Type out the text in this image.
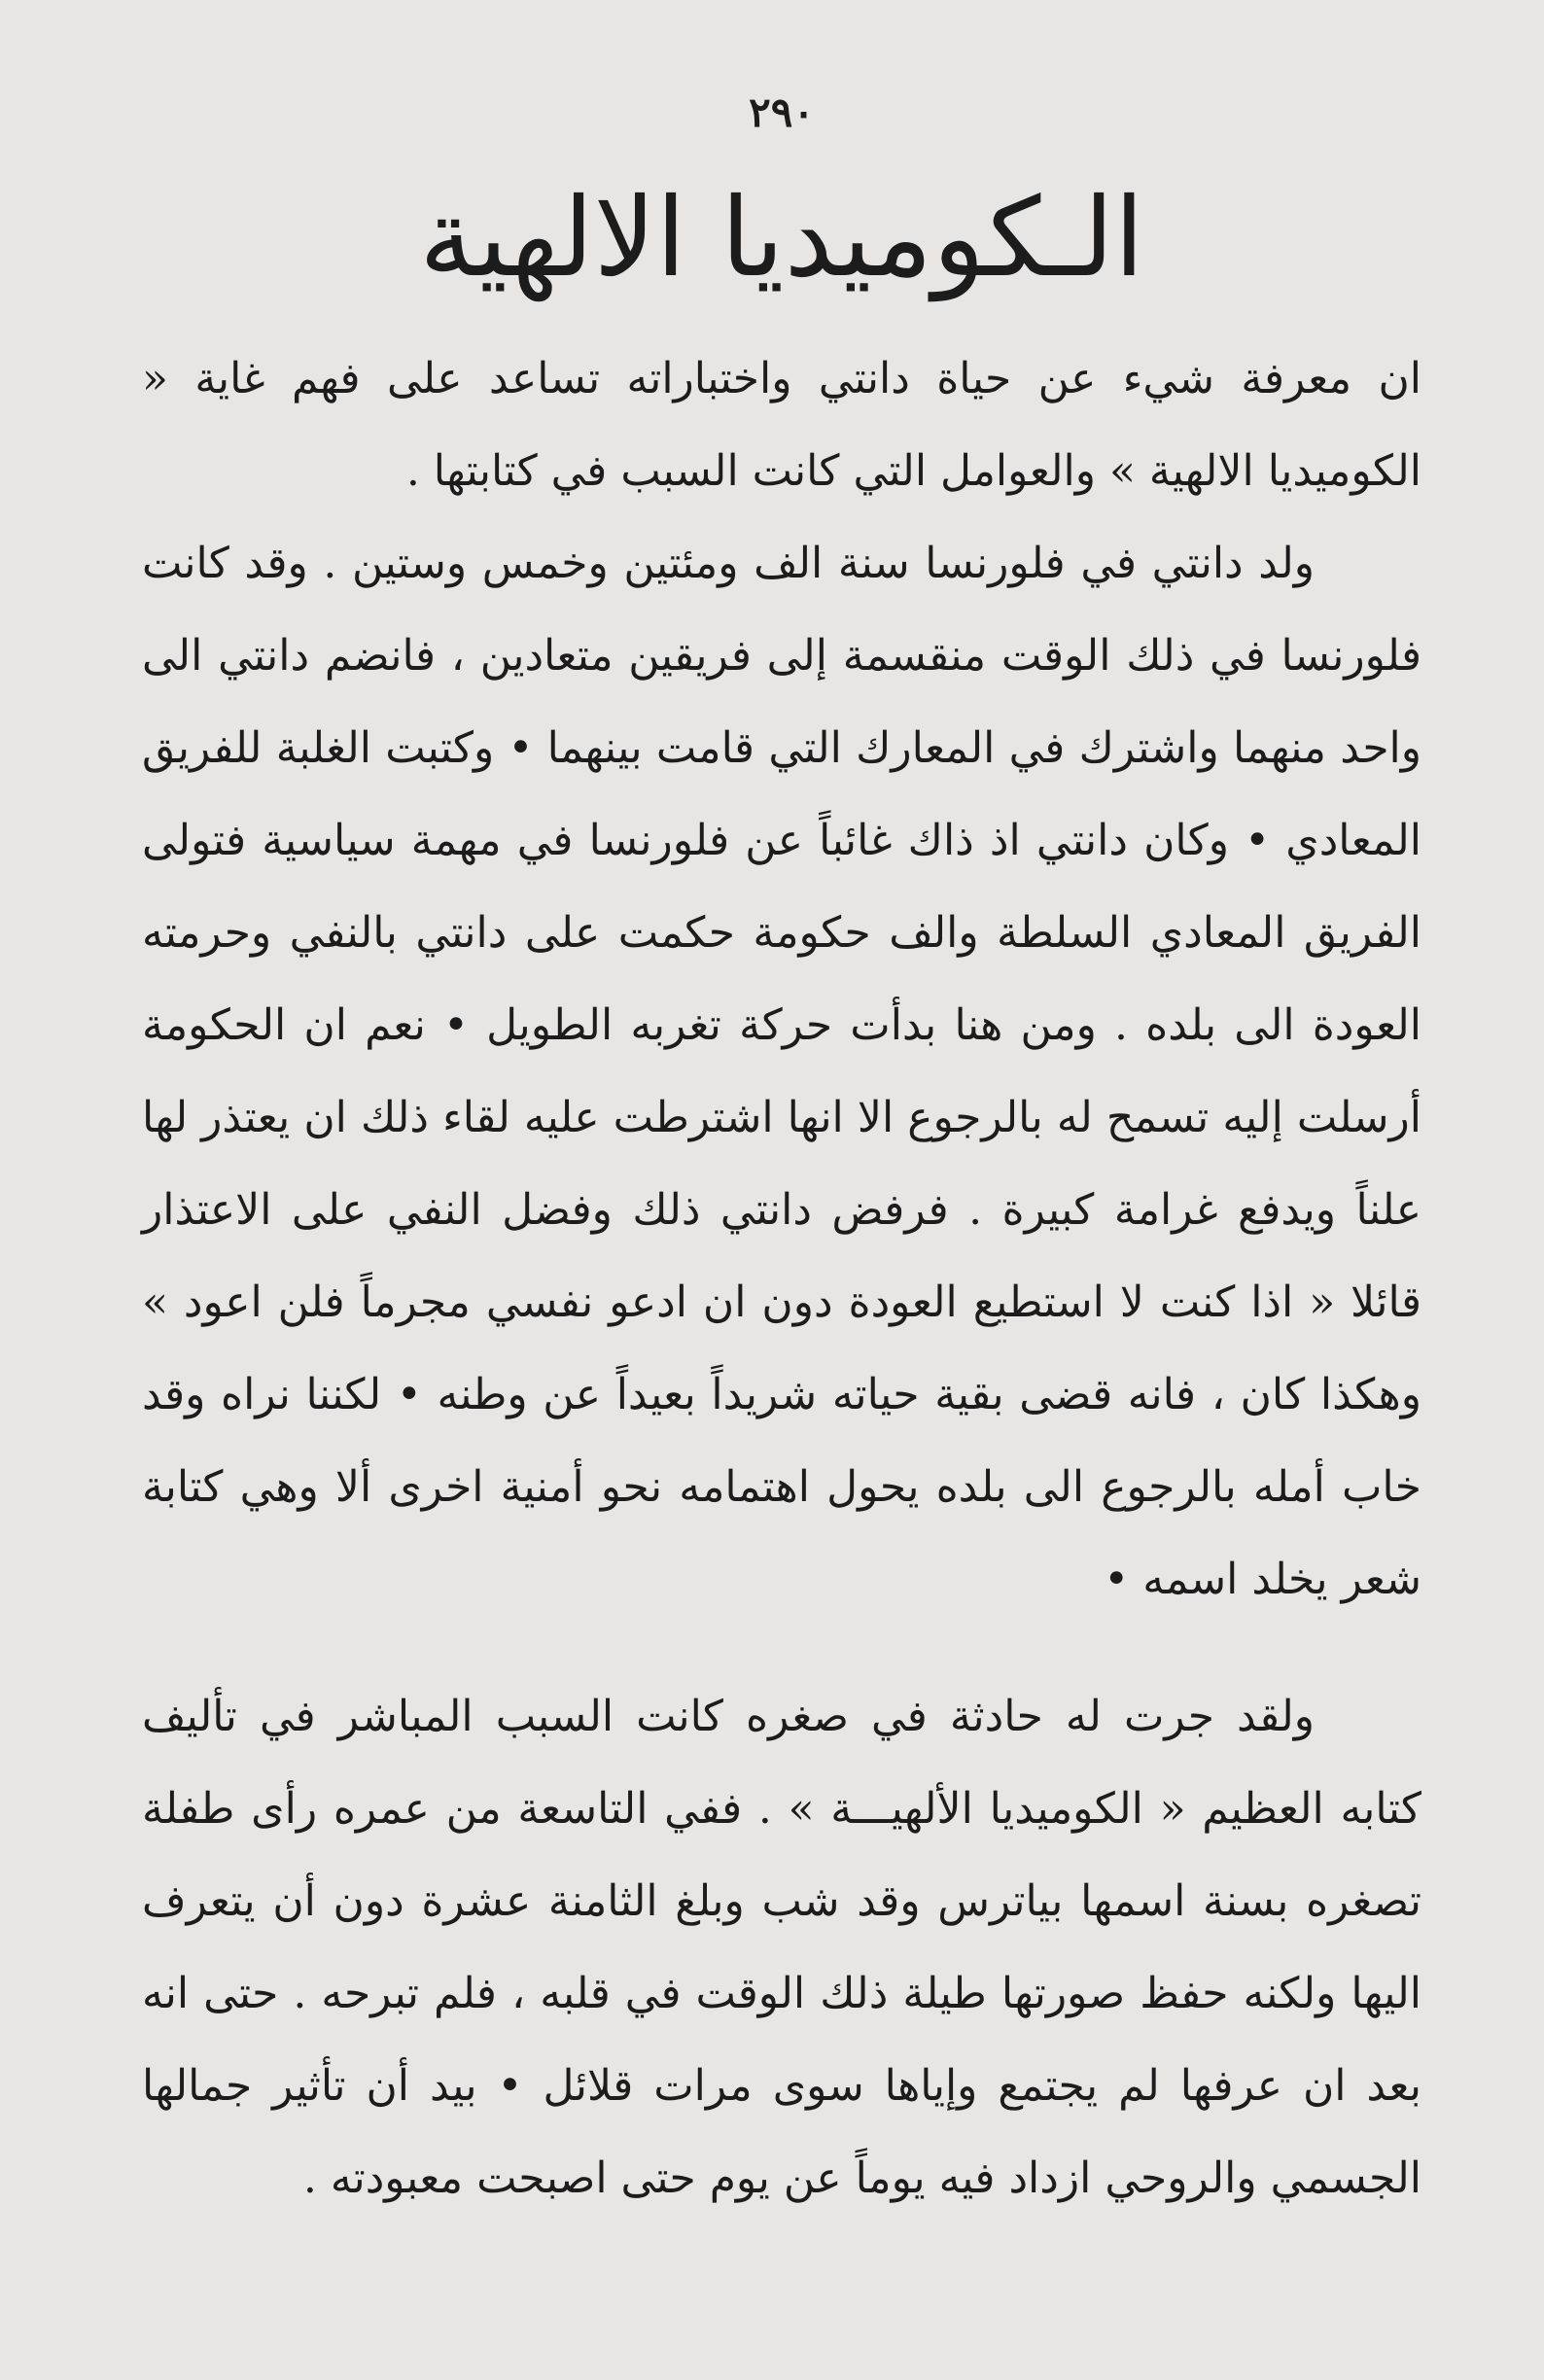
٢٩٠
الـكوميديا الالهية

ان معرفة شيء عن حياة دانتي واختباراته تساعد على فهم غاية « الكوميديا الالهية » والعوامل التي كانت السبب في كتابتها .

ولد دانتي في فلورنسا سنة الف ومئتين وخمس وستين . وقد كانت فلورنسا في ذلك الوقت منقسمة إلى فريقين متعادين ، فانضم دانتي الى واحد منهما واشترك في المعارك التي قامت بينهما • وكتبت الغلبة للفريق المعادي • وكان دانتي اذ ذاك غائباً عن فلورنسا في مهمة سياسية فتولى الفريق المعادي السلطة والف حكومة حكمت على دانتي بالنفي وحرمته العودة الى بلده . ومن هنا بدأت حركة تغربه الطويل • نعم ان الحكومة أرسلت إليه تسمح له بالرجوع الا انها اشترطت عليه لقاء ذلك ان يعتذر لها علناً ويدفع غرامة كبيرة . فرفض دانتي ذلك وفضل النفي على الاعتذار قائلا « اذا كنت لا استطيع العودة دون ان ادعو نفسي مجرماً فلن اعود » وهكذا كان ، فانه قضى بقية حياته شريداً بعيداً عن وطنه • لكننا نراه وقد خاب أمله بالرجوع الى بلده يحول اهتمامه نحو أمنية اخرى ألا وهي كتابة شعر يخلد اسمه •

ولقد جرت له حادثة في صغره كانت السبب المباشر في تأليف كتابه العظيم « الكوميديا الألهيـــة » . ففي التاسعة من عمره رأى طفلة تصغره بسنة اسمها بياترس وقد شب وبلغ الثامنة عشرة دون أن يتعرف اليها ولكنه حفظ صورتها طيلة ذلك الوقت في قلبه ، فلم تبرحه . حتى انه بعد ان عرفها لم يجتمع وإياها سوى مرات قلائل • بيد أن تأثير جمالها الجسمي والروحي ازداد فيه يوماً عن يوم حتى اصبحت معبودته .
